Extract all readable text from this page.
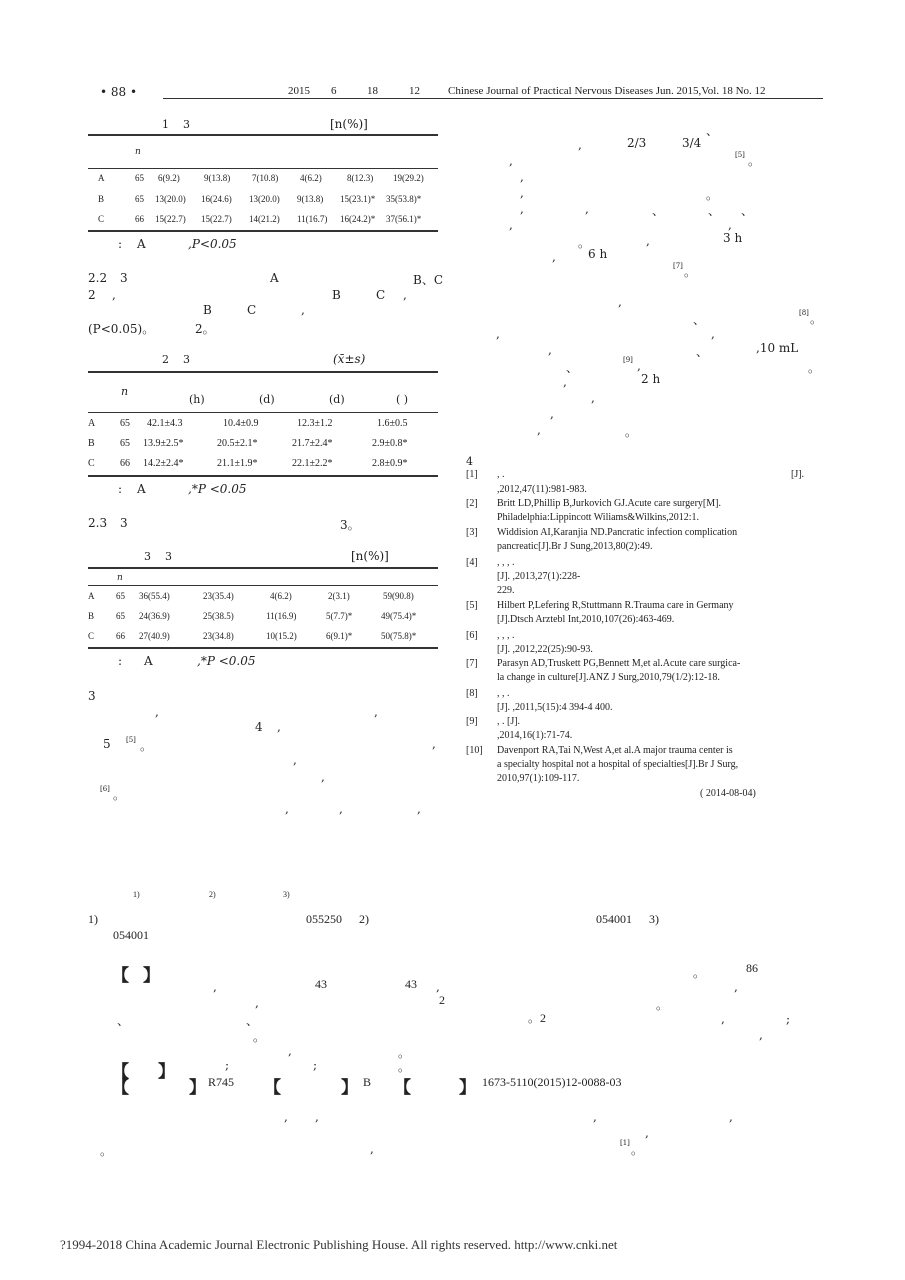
• 88 •	2015 6	18	12	Chinese Journal of Practical Nervous Diseases Jun. 2015,Vol. 18 No. 12
1 3	[n(%)]
n
A	65 6(9.2)	9(13.8) 7(10.8) 4(6.2)	8(12.3) 19(29.2)
B	65 13(20.0) 16(24.6) 13(20.0) 9(13.8) 15(23.1)* 35(53.8)*
C	66 15(22.7) 15(22.7) 14(21.2) 11(16.7) 16(24.2)* 37(56.1)*
: A	,P<0.05
2.2 3	A	B、C
2 ,	B	C ,
B	C	,
(P<0.05)。	2。
2 3	(x̄±s)
n
(h)	(d)	(d)	( )
A 65 42.1±4.3	10.4±0.9	12.3±1.2	1.6±0.5
B	65 13.9±2.5*	20.5±2.1*	21.7±2.4*	2.9±0.8*
C	66 14.2±2.4*	21.1±1.9*	22.1±2.2*	2.8±0.9*
: A	,*P <0.05
2.3 3	3。
3 3	[n(%)]
n
A 65 36(55.4)	23(35.4)	4(6.2)	2(3.1)	59(90.8)
B 65 24(36.9)	25(38.5)	11(16.9)	5(7.7)*	49(75.4)*
C 66 27(40.9)	23(34.8)	10(15.2)	6(9.1)*	50(75.8)*
: A	,*P <0.05
3
,	,
4 ,
,
5 [5] 。
,
,
[6] 。
,	,	,
、
,	2/3	3/4
,	[5] 。
,
,	。
,	,	、	、 、
,	,
。	,	3 h
,	6 h
[7] 。
,
、	[8] 。
,	,
,	、	,10 mL
、
[9] ,	。
,	2 h
,
,
,	。
4
[1] , .	[J].
,2012,47(11):981-983.
[2] Britt LD,Phillip B,Jurkovich GJ.Acute care surgery[M].
Philadelphia:Lippincott Wiliams&Wilkins,2012:1.
[3] Widdision AI,Karanjia ND.Pancratic infection complication
pancreatic[J].Br J Sung,2013,80(2):49.
[4] , , , .
[J]. ,2013,27(1):228-
229.
[5] Hilbert P,Lefering R,Stuttmann R.Trauma care in Germany
[J].Dtsch Arztebl Int,2010,107(26):463-469.
[6] , , , .
[J]. ,2012,22(25):90-93.
[7] Parasyn AD,Truskett PG,Bennett M,et al.Acute care surgica-
la change in culture[J].ANZ J Surg,2010,79(1/2):12-18.
[8] , , .
[J]. ,2011,5(15):4 394-4 400.
[9] , . [J].
,2014,16(1):71-74.
[10] Davenport RA,Tai N,West A,et al.A major trauma center is
a specialty hospital not a hospital of specialties[J].Br J Surg,
2010,97(1):109-117.
( 2014-08-04)
1)	2)	3)
1)	055250 2)	054001 3)
054001
【 】	。	86
,	43	43 ,	,
,	2	。
、	、	。2	,	;
。	,
,	。
【 】	;	;	。
【	】 R745 【	】 B 【	】 1673-5110(2015)12-0088-03
, ,	,	,
,
,	[1] 。
。
?1994-2018 China Academic Journal Electronic Publishing House. All rights reserved. http://www.cnki.net
